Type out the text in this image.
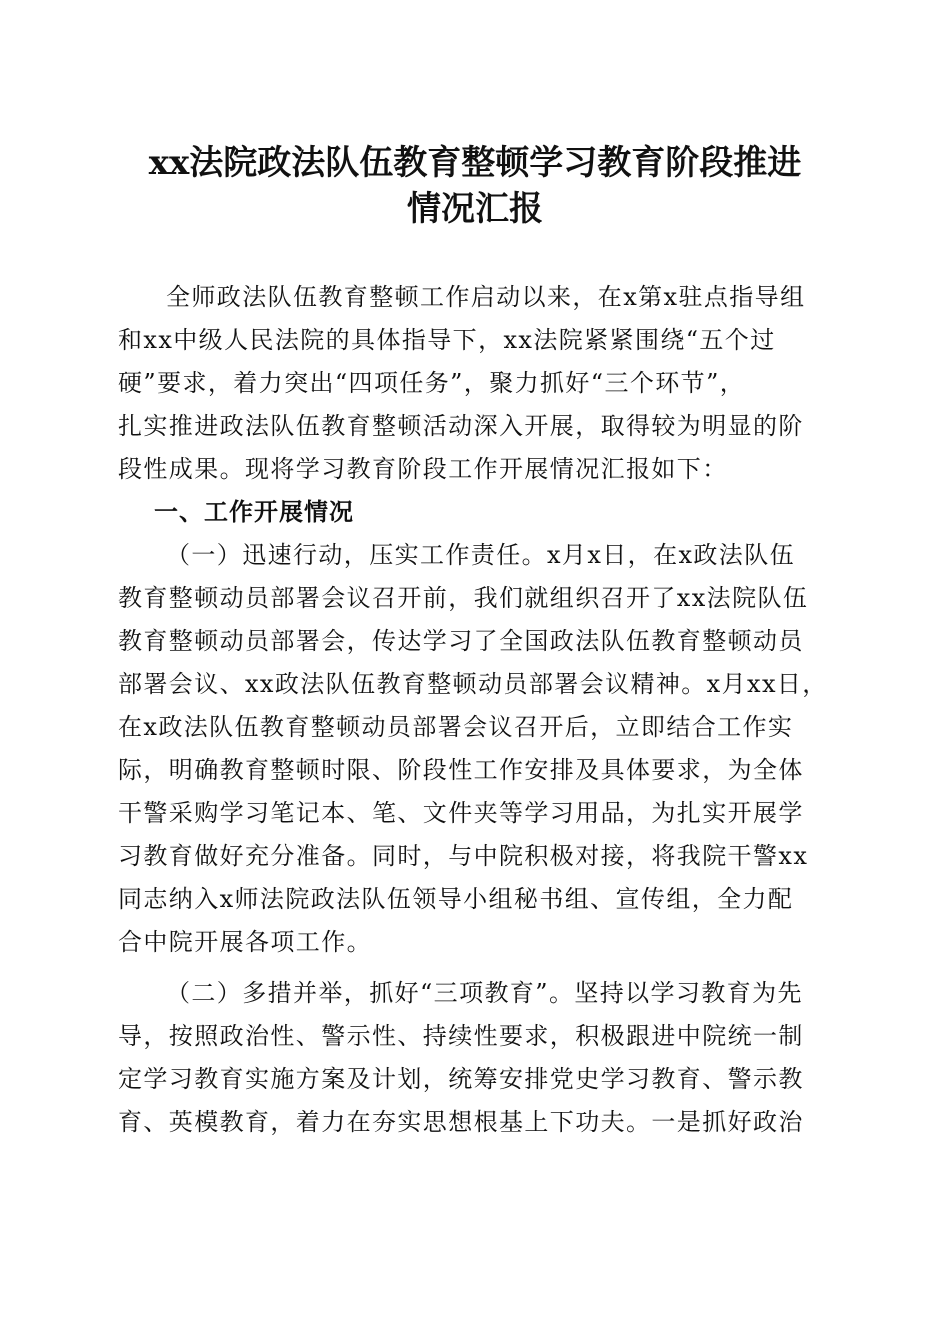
xx法院政法队伍教育整顿学习教育阶段推进
情况汇报
全师政法队伍教育整顿工作启动以来，在x第x驻点指导组
和xx中级人民法院的具体指导下，xx法院紧紧围绕“五个过
硬”要求，着力突出“四项任务”，聚力抓好“三个环节”，
扎实推进政法队伍教育整顿活动深入开展，取得较为明显的阶
段性成果。现将学习教育阶段工作开展情况汇报如下：
一、工作开展情况
（一）迅速行动，压实工作责任。x月x日，在x政法队伍
教育整顿动员部署会议召开前，我们就组织召开了xx法院队伍
教育整顿动员部署会，传达学习了全国政法队伍教育整顿动员
部署会议、xx政法队伍教育整顿动员部署会议精神。x月xx日，
在x政法队伍教育整顿动员部署会议召开后，立即结合工作实
际，明确教育整顿时限、阶段性工作安排及具体要求，为全体
干警采购学习笔记本、笔、文件夹等学习用品，为扎实开展学
习教育做好充分准备。同时，与中院积极对接，将我院干警xx
同志纳入x师法院政法队伍领导小组秘书组、宣传组，全力配
合中院开展各项工作。
（二）多措并举，抓好“三项教育”。坚持以学习教育为先
导，按照政治性、警示性、持续性要求，积极跟进中院统一制
定学习教育实施方案及计划，统筹安排党史学习教育、警示教
育、英模教育，着力在夯实思想根基上下功夫。一是抓好政治
